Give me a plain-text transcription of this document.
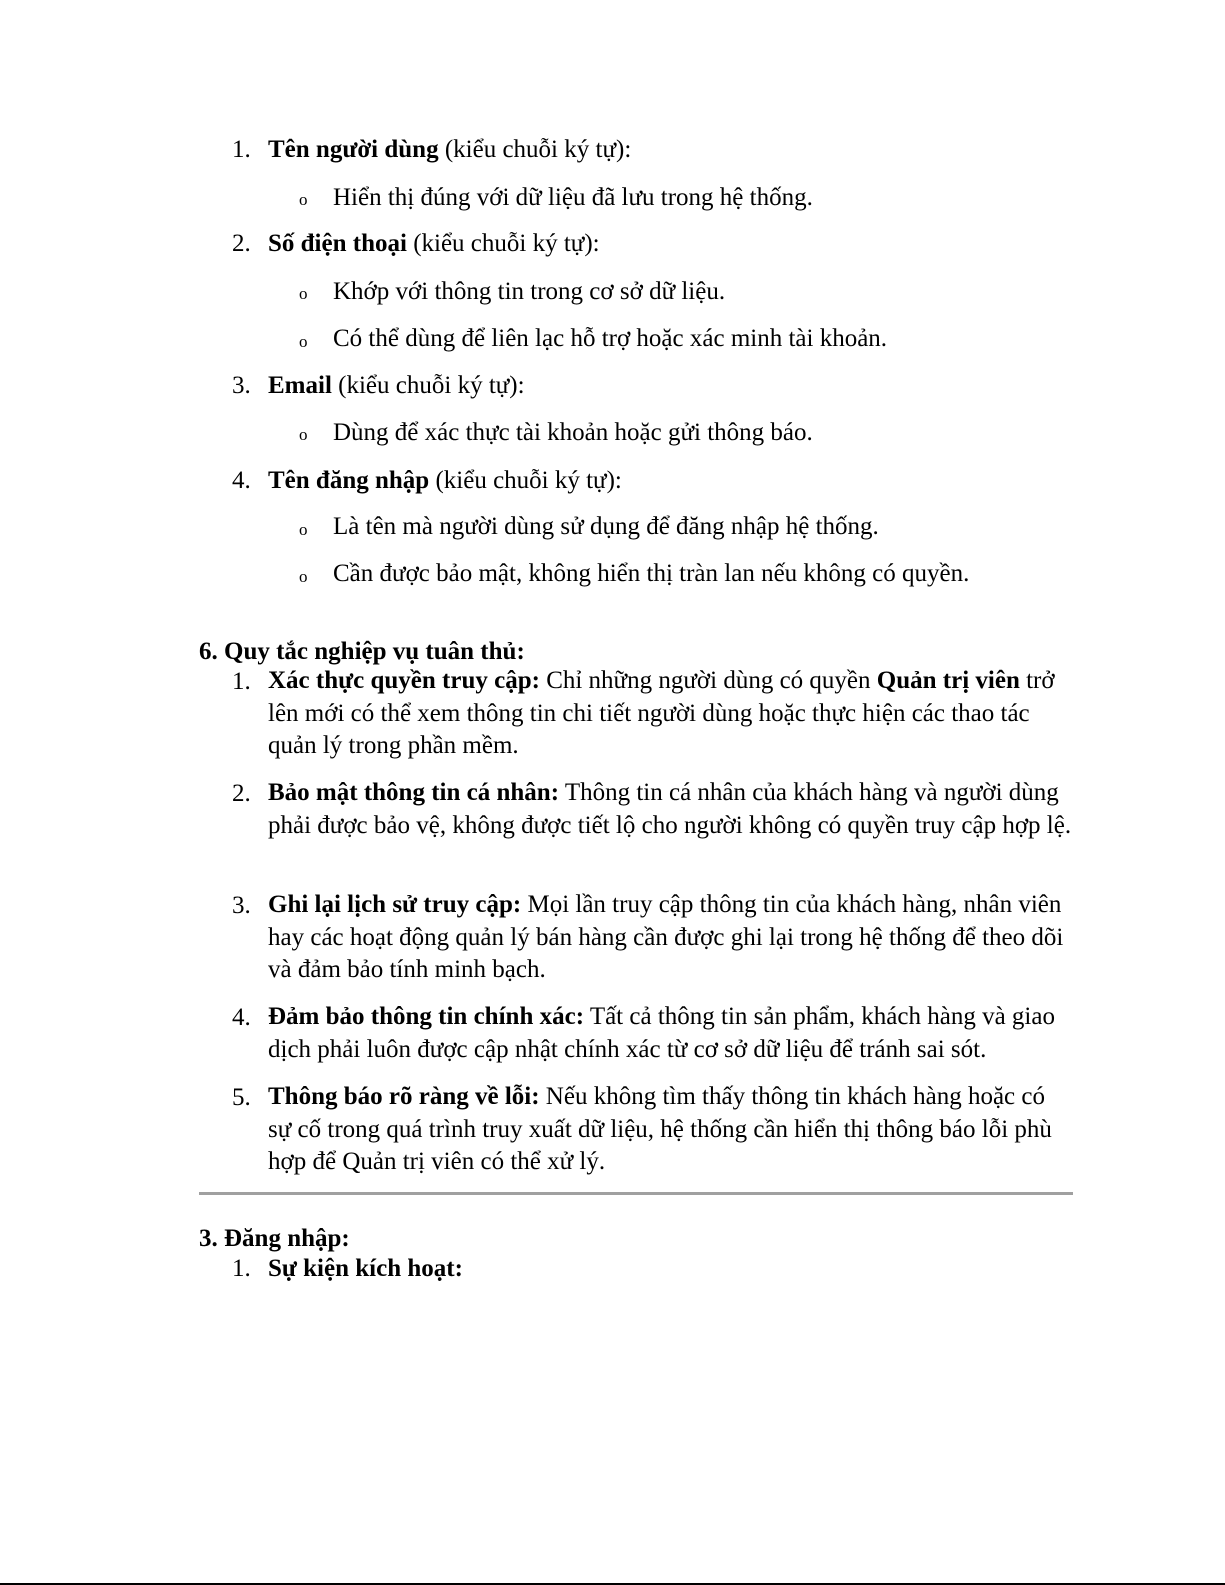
1. Tên người dùng (kiểu chuỗi ký tự):
o Hiển thị đúng với dữ liệu đã lưu trong hệ thống.
2. Số điện thoại (kiểu chuỗi ký tự):
o Khớp với thông tin trong cơ sở dữ liệu.
o Có thể dùng để liên lạc hỗ trợ hoặc xác minh tài khoản.
3. Email (kiểu chuỗi ký tự):
o Dùng để xác thực tài khoản hoặc gửi thông báo.
4. Tên đăng nhập (kiểu chuỗi ký tự):
o Là tên mà người dùng sử dụng để đăng nhập hệ thống.
o Cần được bảo mật, không hiển thị tràn lan nếu không có quyền.
6. Quy tắc nghiệp vụ tuân thủ:
1. Xác thực quyền truy cập: Chỉ những người dùng có quyền Quản trị viên trở lên mới có thể xem thông tin chi tiết người dùng hoặc thực hiện các thao tác quản lý trong phần mềm.
2. Bảo mật thông tin cá nhân: Thông tin cá nhân của khách hàng và người dùng phải được bảo vệ, không được tiết lộ cho người không có quyền truy cập hợp lệ.
3. Ghi lại lịch sử truy cập: Mọi lần truy cập thông tin của khách hàng, nhân viên hay các hoạt động quản lý bán hàng cần được ghi lại trong hệ thống để theo dõi và đảm bảo tính minh bạch.
4. Đảm bảo thông tin chính xác: Tất cả thông tin sản phẩm, khách hàng và giao dịch phải luôn được cập nhật chính xác từ cơ sở dữ liệu để tránh sai sót.
5. Thông báo rõ ràng về lỗi: Nếu không tìm thấy thông tin khách hàng hoặc có sự cố trong quá trình truy xuất dữ liệu, hệ thống cần hiển thị thông báo lỗi phù hợp để Quản trị viên có thể xử lý.
3. Đăng nhập:
1. Sự kiện kích hoạt:
